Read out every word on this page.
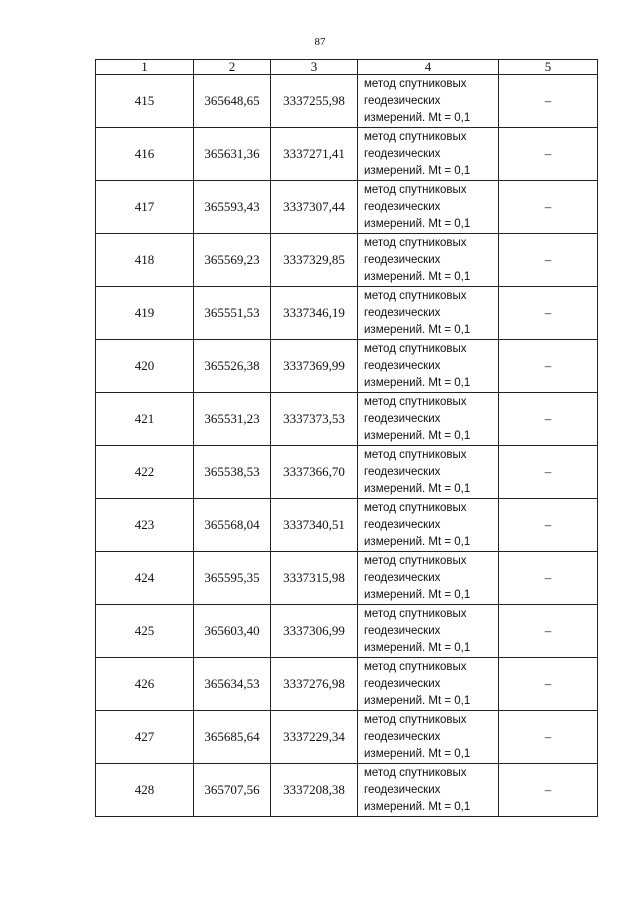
87
1	2	3	4	5
415	365648,65	3337255,98	метод спутниковых
геодезических
измерений. Mt = 0,1	–
416	365631,36	3337271,41	метод спутниковых
геодезических
измерений. Mt = 0,1	–
417	365593,43	3337307,44	метод спутниковых
геодезических
измерений. Mt = 0,1	–
418	365569,23	3337329,85	метод спутниковых
геодезических
измерений. Mt = 0,1	–
419	365551,53	3337346,19	метод спутниковых
геодезических
измерений. Mt = 0,1	–
420	365526,38	3337369,99	метод спутниковых
геодезических
измерений. Mt = 0,1	–
421	365531,23	3337373,53	метод спутниковых
геодезических
измерений. Mt = 0,1	–
422	365538,53	3337366,70	метод спутниковых
геодезических
измерений. Mt = 0,1	–
423	365568,04	3337340,51	метод спутниковых
геодезических
измерений. Mt = 0,1	–
424	365595,35	3337315,98	метод спутниковых
геодезических
измерений. Mt = 0,1	–
425	365603,40	3337306,99	метод спутниковых
геодезических
измерений. Mt = 0,1	–
426	365634,53	3337276,98	метод спутниковых
геодезических
измерений. Mt = 0,1	–
427	365685,64	3337229,34	метод спутниковых
геодезических
измерений. Mt = 0,1	–
428	365707,56	3337208,38	метод спутниковых
геодезических
измерений. Mt = 0,1	–
